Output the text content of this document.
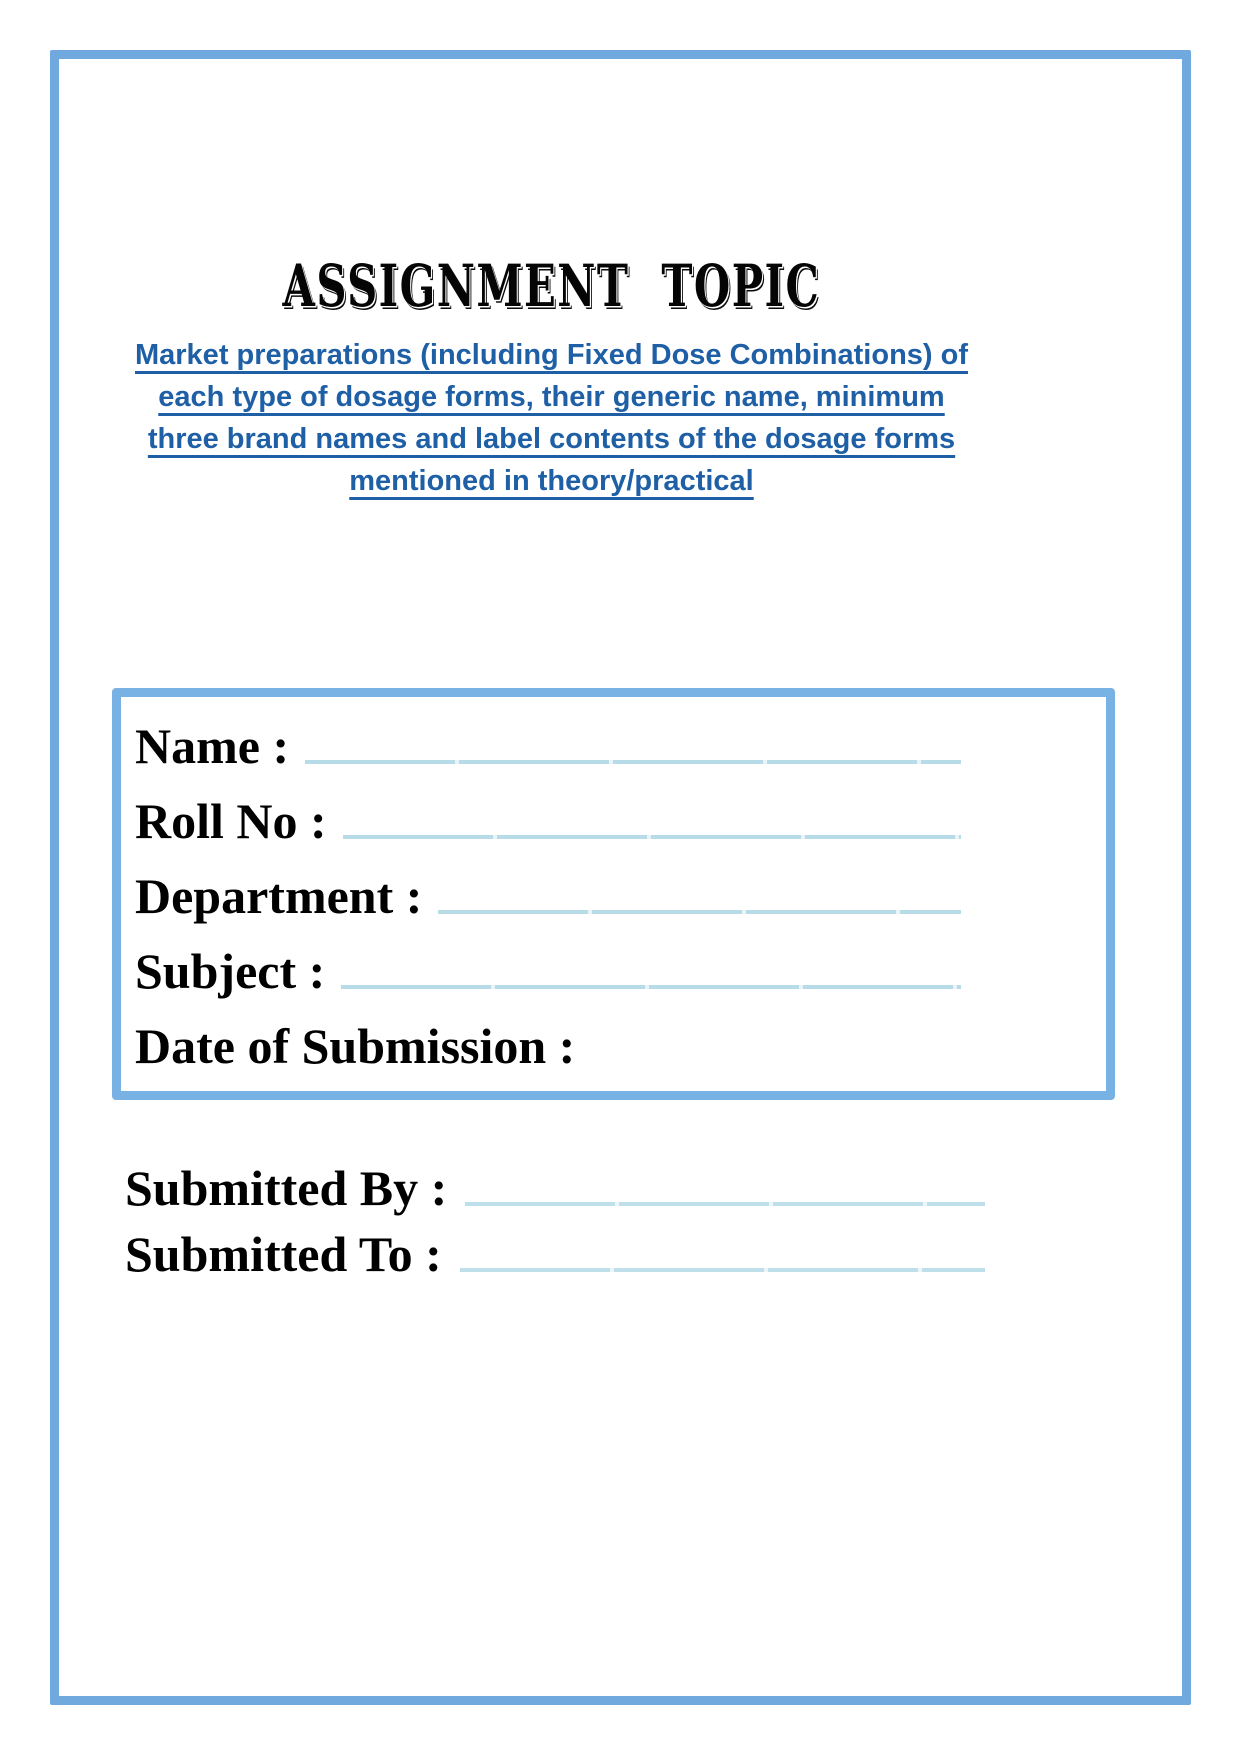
ASSIGNMENT  TOPIC
Market preparations (including Fixed Dose Combinations) of
each type of dosage forms, their generic name, minimum
three brand names and label contents of the dosage forms
mentioned in theory/practical
Name :
Roll No :
Department :
Subject :
Date of Submission :
Submitted By :
Submitted To :
